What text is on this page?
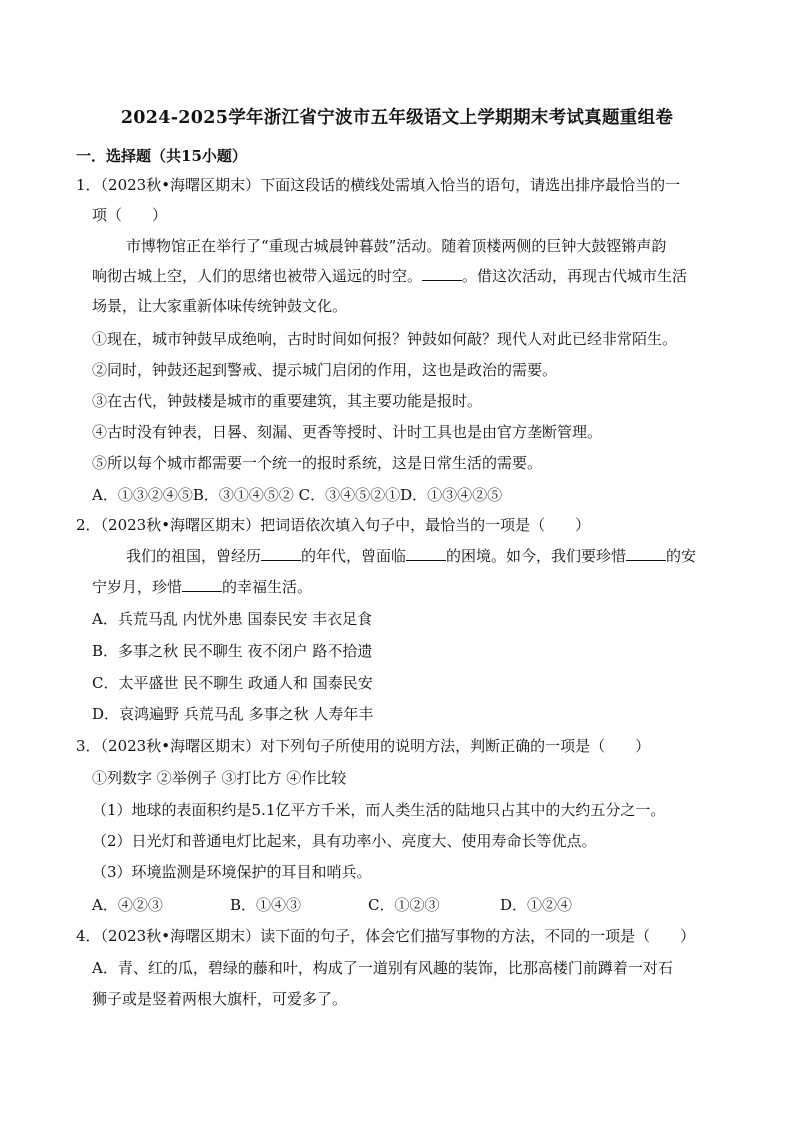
2024-2025学年浙江省宁波市五年级语文上学期期末考试真题重组卷
一．选择题（共15小题）
1．（2023秋•海曙区期末）下面这段话的横线处需填入恰当的语句，请选出排序最恰当的一
项（　　）
市博物馆正在举行了“重现古城晨钟暮鼓”活动。随着顶楼两侧的巨钟大鼓铿锵声韵
响彻古城上空，人们的思绪也被带入遥远的时空。	。借这次活动，再现古代城市生活
场景，让大家重新体味传统钟鼓文化。
①现在，城市钟鼓早成绝响，古时时间如何报？钟鼓如何敲？现代人对此已经非常陌生。
②同时，钟鼓还起到警戒、提示城门启闭的作用，这也是政治的需要。
③在古代，钟鼓楼是城市的重要建筑，其主要功能是报时。
④古时没有钟表，日晷、刻漏、更香等授时、计时工具也是由官方垄断管理。
⑤所以每个城市都需要一个统一的报时系统，这是日常生活的需要。
A．①③②④⑤B．③①④⑤② C．③④⑤②①D．①③④②⑤
2．（2023秋•海曙区期末）把词语依次填入句子中，最恰当的一项是（　　）
我们的祖国，曾经历	的年代，曾面临	的困境。如今，我们要珍惜	的安
宁岁月，珍惜	的幸福生活。
A．兵荒马乱 内忧外患 国泰民安 丰衣足食
B．多事之秋 民不聊生 夜不闭户 路不拾遗
C．太平盛世 民不聊生 政通人和 国泰民安
D．哀鸿遍野 兵荒马乱 多事之秋 人寿年丰
3．（2023秋•海曙区期末）对下列句子所使用的说明方法，判断正确的一项是（　　）
①列数字 ②举例子 ③打比方 ④作比较
（1）地球的表面积约是5.1亿平方千米，而人类生活的陆地只占其中的大约五分之一。
（2）日光灯和普通电灯比起来，具有功率小、亮度大、使用寿命长等优点。
（3）环境监测是环境保护的耳目和哨兵。
A．④②③	B．①④③	C．①②③	D．①②④
4．（2023秋•海曙区期末）读下面的句子，体会它们描写事物的方法，不同的一项是（　　）
A．青、红的瓜，碧绿的藤和叶，构成了一道别有风趣的装饰，比那高楼门前蹲着一对石
狮子或是竖着两根大旗杆，可爱多了。
